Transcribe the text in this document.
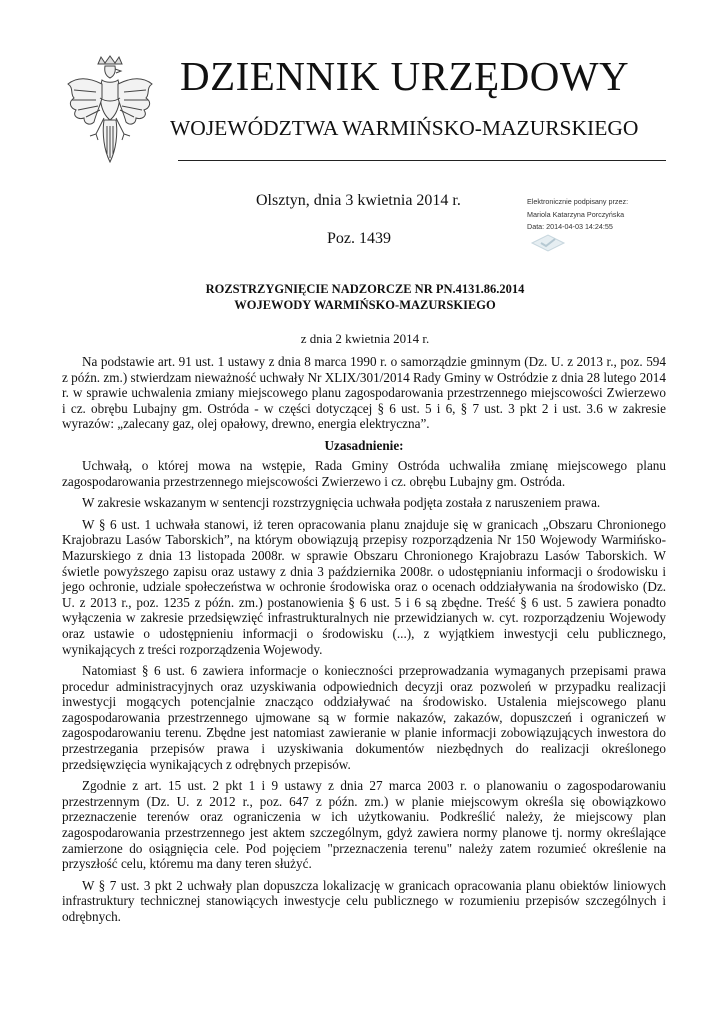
DZIENNIK URZĘDOWY
WOJEWÓDZTWA WARMIŃSKO-MAZURSKIEGO
Olsztyn, dnia 3 kwietnia 2014 r.
Poz. 1439
Elektronicznie podpisany przez:
Mariola Katarzyna Porczyńska
Data: 2014-04-03 14:24:55
ROZSTRZYGNIĘCIE NADZORCZE NR PN.4131.86.2014
WOJEWODY WARMIŃSKO-MAZURSKIEGO
z dnia 2 kwietnia 2014 r.

Na podstawie art. 91 ust. 1 ustawy z dnia 8 marca 1990 r. o samorządzie gminnym (Dz. U. z 2013 r., poz. 594 z późn. zm.) stwierdzam nieważność uchwały Nr XLIX/301/2014 Rady Gminy w Ostródzie z dnia 28 lutego 2014 r. w sprawie uchwalenia zmiany miejscowego planu zagospodarowania przestrzennego miejscowości Zwierzewo i cz. obrębu Lubajny gm. Ostróda - w części dotyczącej § 6 ust. 5 i 6, § 7 ust. 3 pkt 2 i ust. 3.6 w zakresie wyrazów: „zalecany gaz, olej opałowy, drewno, energia elektryczna”.

Uzasadnienie:

Uchwałą, o której mowa na wstępie, Rada Gminy Ostróda uchwaliła zmianę miejscowego planu zagospodarowania przestrzennego miejscowości Zwierzewo i cz. obrębu Lubajny gm. Ostróda.

W zakresie wskazanym w sentencji rozstrzygnięcia uchwała podjęta została z naruszeniem prawa.

W § 6 ust. 1 uchwała stanowi, iż teren opracowania planu znajduje się w granicach „Obszaru Chronionego Krajobrazu Lasów Taborskich”, na którym obowiązują przepisy rozporządzenia Nr 150 Wojewody Warmińsko- Mazurskiego z dnia 13 listopada 2008r. w sprawie Obszaru Chronionego Krajobrazu Lasów Taborskich. W świetle powyższego zapisu oraz ustawy z dnia 3 października 2008r. o udostępnianiu informacji o środowisku i jego ochronie, udziale społeczeństwa w ochronie środowiska oraz o ocenach oddziaływania na środowisko (Dz. U. z 2013 r., poz. 1235 z późn. zm.) postanowienia § 6 ust. 5 i 6 są zbędne. Treść § 6 ust. 5 zawiera ponadto wyłączenia w zakresie przedsięwzięć infrastrukturalnych nie przewidzianych w. cyt. rozporządzeniu Wojewody oraz ustawie o udostępnieniu informacji o środowisku (...), z wyjątkiem inwestycji celu publicznego, wynikających z treści rozporządzenia Wojewody.

Natomiast § 6 ust. 6 zawiera informacje o konieczności przeprowadzania wymaganych przepisami prawa procedur administracyjnych oraz uzyskiwania odpowiednich decyzji oraz pozwoleń w przypadku realizacji inwestycji mogących potencjalnie znacząco oddziaływać na środowisko. Ustalenia miejscowego planu zagospodarowania przestrzennego ujmowane są w formie nakazów, zakazów, dopuszczeń i ograniczeń w zagospodarowaniu terenu. Zbędne jest natomiast zawieranie w planie informacji zobowiązujących inwestora do przestrzegania przepisów prawa i uzyskiwania dokumentów niezbędnych do realizacji określonego przedsięwzięcia wynikających z odrębnych przepisów.

Zgodnie z art. 15 ust. 2 pkt 1 i 9 ustawy z dnia 27 marca 2003 r. o planowaniu o zagospodarowaniu przestrzennym (Dz. U. z 2012 r., poz. 647 z późn. zm.) w planie miejscowym określa się obowiązkowo przeznaczenie terenów oraz ograniczenia w ich użytkowaniu. Podkreślić należy, że miejscowy plan zagospodarowania przestrzennego jest aktem szczególnym, gdyż zawiera normy planowe tj. normy określające zamierzone do osiągnięcia cele. Pod pojęciem "przeznaczenia terenu" należy zatem rozumieć określenie na przyszłość celu, któremu ma dany teren służyć.

W § 7 ust. 3 pkt 2 uchwały plan dopuszcza lokalizację w granicach opracowania planu obiektów liniowych infrastruktury technicznej stanowiących inwestycje celu publicznego w rozumieniu przepisów szczególnych i odrębnych.
